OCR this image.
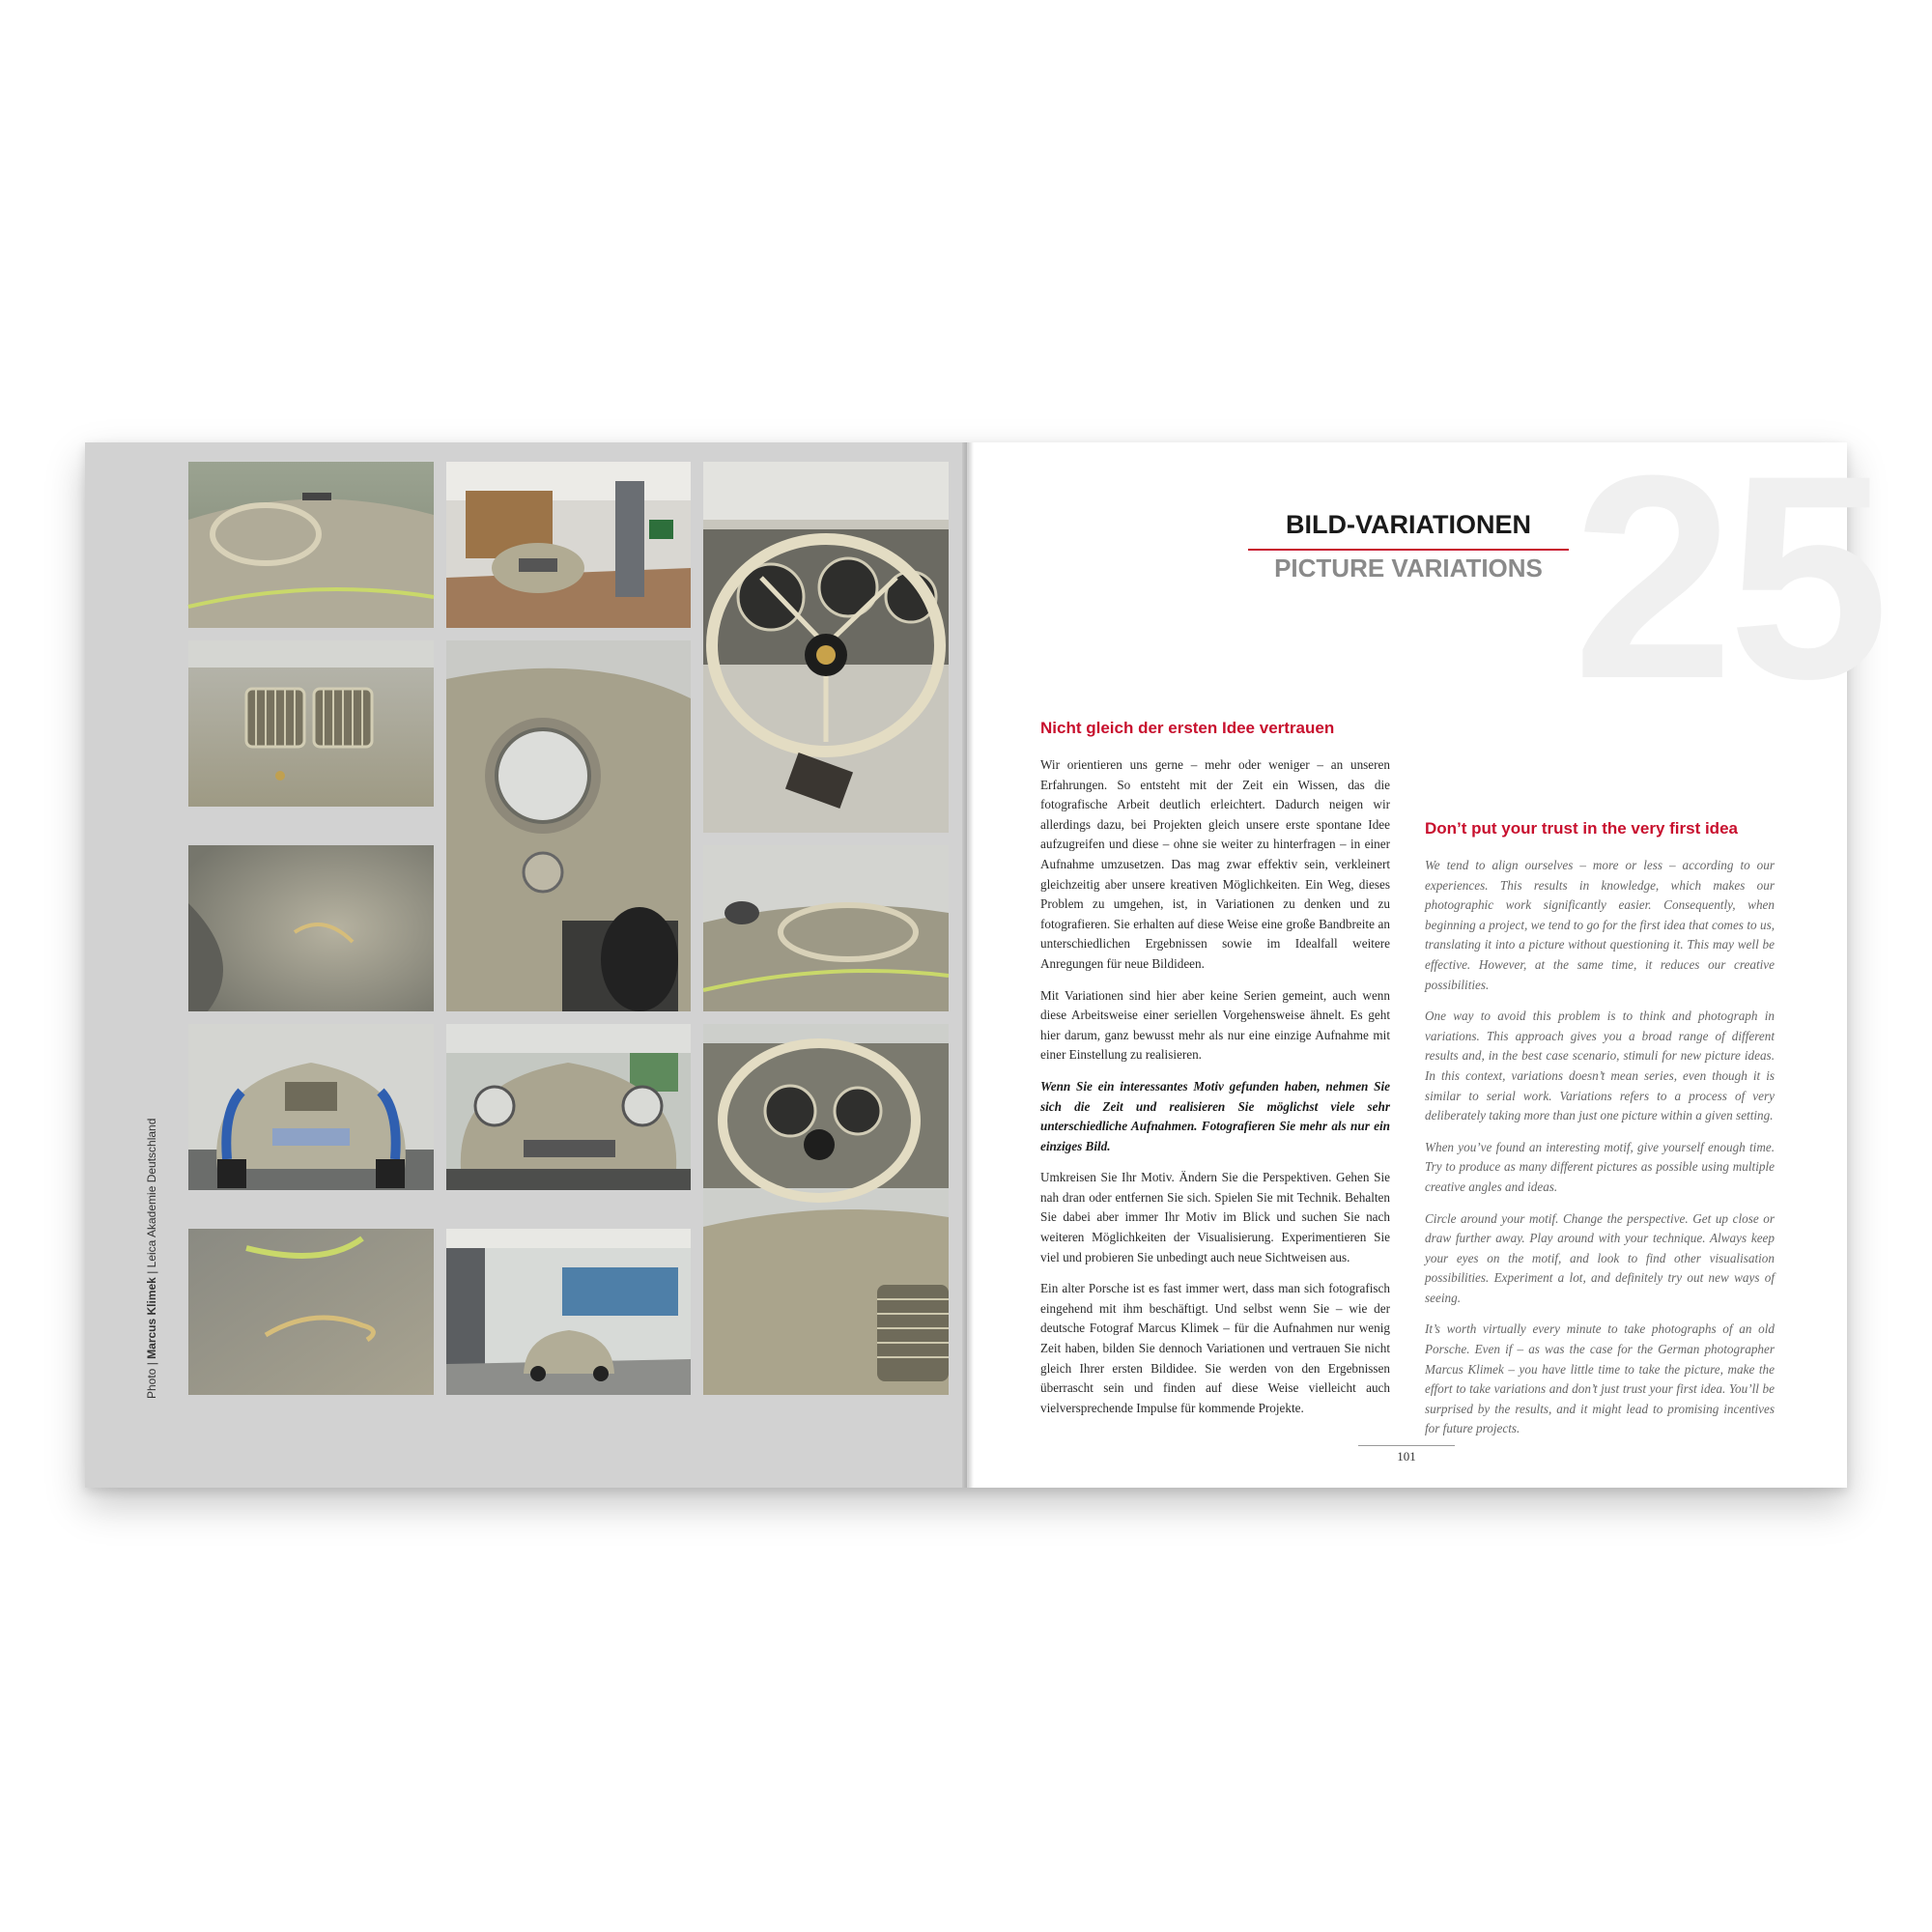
Photo | Marcus Klimek | Leica Akademie Deutschland
25
BILD-VARIATIONEN
PICTURE VARIATIONS
Nicht gleich der ersten Idee vertrauen

Wir orientieren uns gerne – mehr oder weniger – an unseren Erfahrungen. So entsteht mit der Zeit ein Wissen, das die fotografische Arbeit deutlich erleichtert. Dadurch neigen wir allerdings dazu, bei Projekten gleich unsere erste spontane Idee aufzugreifen und diese – ohne sie weiter zu hinterfragen – in einer Aufnahme umzusetzen. Das mag zwar effektiv sein, verkleinert gleichzeitig aber unsere kreativen Möglichkeiten. Ein Weg, dieses Problem zu umgehen, ist, in Variationen zu denken und zu fotografieren. Sie erhalten auf diese Weise eine große Bandbreite an unterschiedlichen Ergebnissen sowie im Idealfall weitere Anregungen für neue Bildideen.

Mit Variationen sind hier aber keine Serien gemeint, auch wenn diese Arbeitsweise einer seriellen Vorgehensweise ähnelt. Es geht hier darum, ganz bewusst mehr als nur eine einzige Aufnahme mit einer Einstellung zu realisieren.

Wenn Sie ein interessantes Motiv gefunden haben, nehmen Sie sich die Zeit und realisieren Sie möglichst viele sehr unterschiedliche Aufnahmen. Fotografieren Sie mehr als nur ein einziges Bild.

Umkreisen Sie Ihr Motiv. Ändern Sie die Perspektiven. Gehen Sie nah dran oder entfernen Sie sich. Spielen Sie mit Technik. Behalten Sie dabei aber immer Ihr Motiv im Blick und suchen Sie nach weiteren Möglichkeiten der Visualisierung. Experimentieren Sie viel und probieren Sie unbedingt auch neue Sichtweisen aus.

Ein alter Porsche ist es fast immer wert, dass man sich fotografisch eingehend mit ihm beschäftigt. Und selbst wenn Sie – wie der deutsche Fotograf Marcus Klimek – für die Aufnahmen nur wenig Zeit haben, bilden Sie dennoch Variationen und vertrauen Sie nicht gleich Ihrer ersten Bildidee. Sie werden von den Ergebnissen überrascht sein und finden auf diese Weise vielleicht auch vielversprechende Impulse für kommende Projekte.

Don’t put your trust in the very first idea

We tend to align ourselves – more or less – according to our experiences. This results in knowledge, which makes our photographic work significantly easier. Consequently, when beginning a project, we tend to go for the first idea that comes to us, translating it into a picture without questioning it. This may well be effective. However, at the same time, it reduces our creative possibilities.

One way to avoid this problem is to think and photograph in variations. This approach gives you a broad range of different results and, in the best case scenario, stimuli for new picture ideas. In this context, variations doesn’t mean series, even though it is similar to serial work. Variations refers to a process of very deliberately taking more than just one picture within a given setting.

When you’ve found an interesting motif, give yourself enough time. Try to produce as many different pictures as possible using multiple creative angles and ideas.

Circle around your motif. Change the perspective. Get up close or draw further away. Play around with your technique. Always keep your eyes on the motif, and look to find other visualisation possibilities. Experiment a lot, and definitely try out new ways of seeing.

It’s worth virtually every minute to take photographs of an old Porsche. Even if – as was the case for the German photographer Marcus Klimek – you have little time to take the picture, make the effort to take variations and don’t just trust your first idea. You’ll be surprised by the results, and it might lead to promising incentives for future projects.

101
